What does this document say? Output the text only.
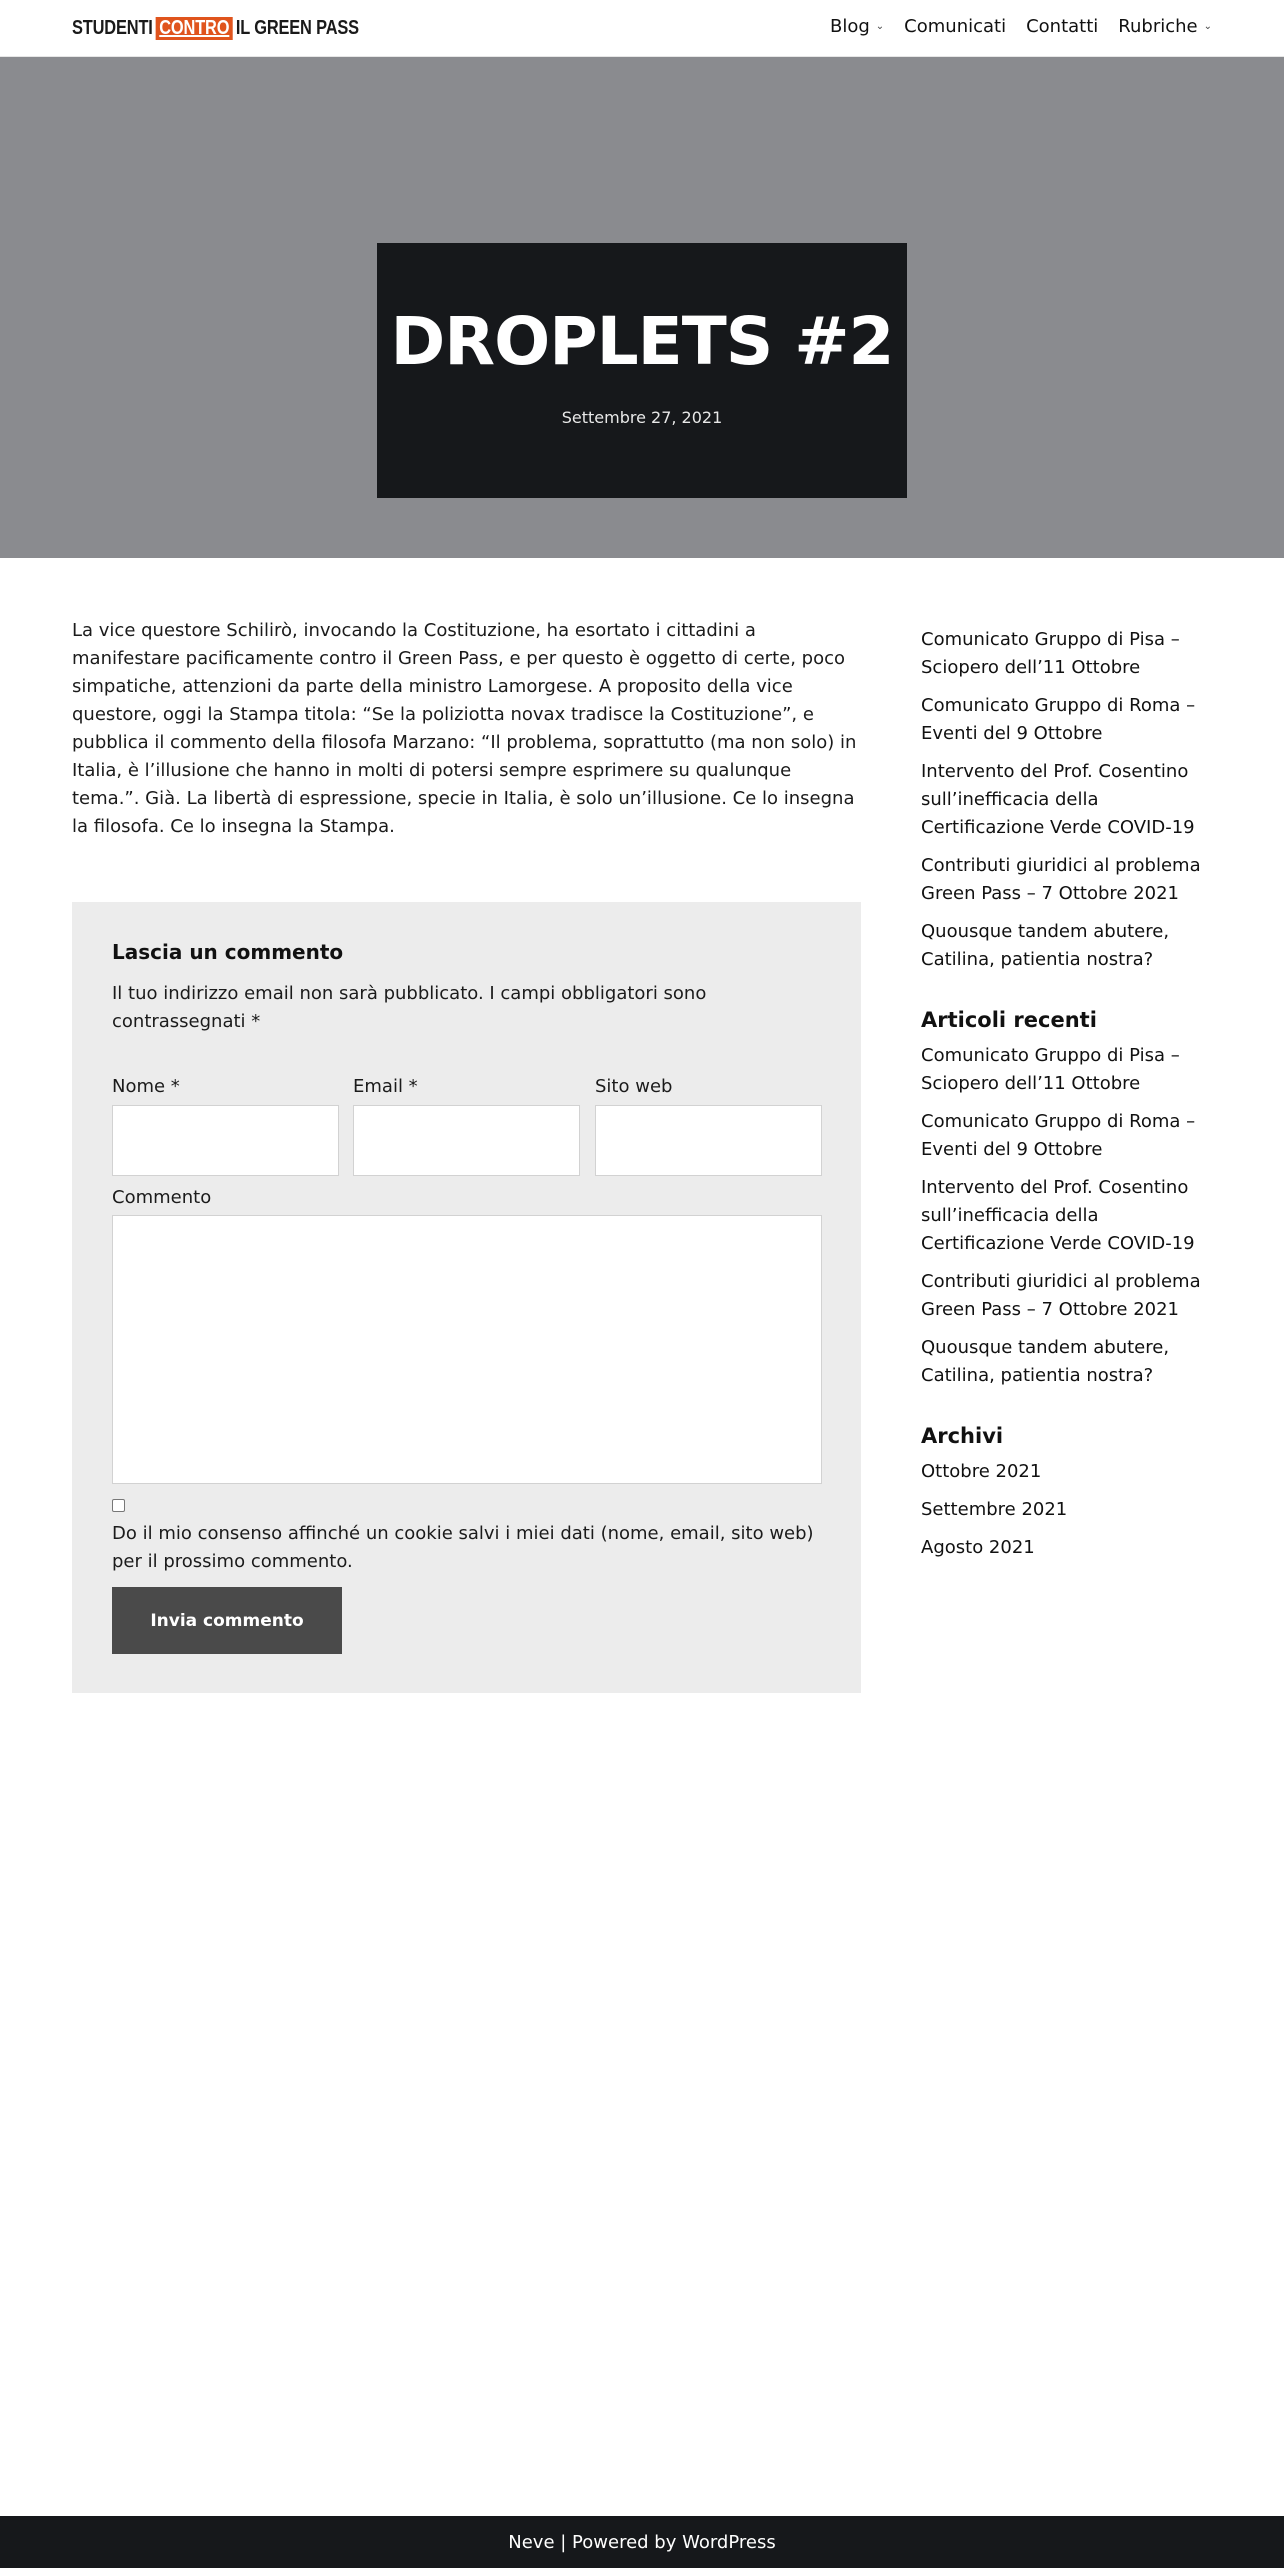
STUDENTI CONTRO IL GREEN PASS	Blog ⌄ Comunicati Contatti Rubriche ⌄
DROPLETS #2
Settembre 27, 2021
La vice questore Schilirò, invocando la Costituzione, ha esortato i cittadini a manifestare pacificamente contro il Green Pass, e per questo è oggetto di certe, poco simpatiche, attenzioni da parte della ministro Lamorgese. A proposito della vice questore, oggi la Stampa titola: “Se la poliziotta novax tradisce la Costituzione”, e pubblica il commento della filosofa Marzano: “Il problema, soprattutto (ma non solo) in Italia, è l’illusione che hanno in molti di potersi sempre esprimere su qualunque tema.”. Già. La libertà di espressione, specie in Italia, è solo un’illusione. Ce lo insegna la filosofa. Ce lo insegna la Stampa.
Lascia un commento
Il tuo indirizzo email non sarà pubblicato. I campi obbligatori sono contrassegnati *
Nome *	Email *	Sito web
Commento
Do il mio consenso affinché un cookie salvi i miei dati (nome, email, sito web) per il prossimo commento.
Invia commento
Comunicato Gruppo di Pisa – Sciopero dell’11 Ottobre
Comunicato Gruppo di Roma – Eventi del 9 Ottobre
Intervento del Prof. Cosentino sull’inefficacia della Certificazione Verde COVID-19
Contributi giuridici al problema Green Pass – 7 Ottobre 2021
Quousque tandem abutere, Catilina, patientia nostra?
Articoli recenti
Comunicato Gruppo di Pisa – Sciopero dell’11 Ottobre
Comunicato Gruppo di Roma – Eventi del 9 Ottobre
Intervento del Prof. Cosentino sull’inefficacia della Certificazione Verde COVID-19
Contributi giuridici al problema Green Pass – 7 Ottobre 2021
Quousque tandem abutere, Catilina, patientia nostra?
Archivi
Ottobre 2021
Settembre 2021
Agosto 2021
Neve | Powered by WordPress
